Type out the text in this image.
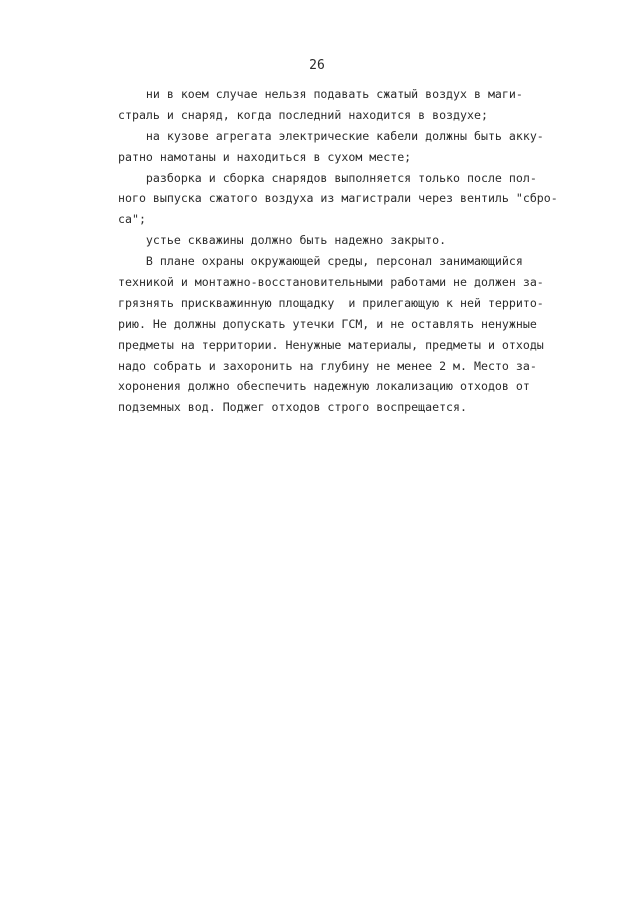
26
ни в коем случае нельзя подавать сжатый воздух в маги-
страль и снаряд, когда последний находится в воздухе;
на кузове агрегата электрические кабели должны быть акку-
ратно намотаны и находиться в сухом месте;
разборка и сборка снарядов выполняется только после пол-
ного выпуска сжатого воздуха из магистрали через вентиль "сбро-
са";
устье скважины должно быть надежно закрыто.
В плане охраны окружающей среды, персонал занимающийся
техникой и монтажно-восстановительными работами не должен за-
грязнять прискважинную площадку  и прилегающую к ней террито-
рию. Не должны допускать утечки ГСМ, и не оставлять ненужные
предметы на территории. Ненужные материалы, предметы и отходы
надо собрать и захоронить на глубину не менее 2 м. Место за-
хоронения должно обеспечить надежную локализацию отходов от
подземных вод. Поджег отходов строго воспрещается.
